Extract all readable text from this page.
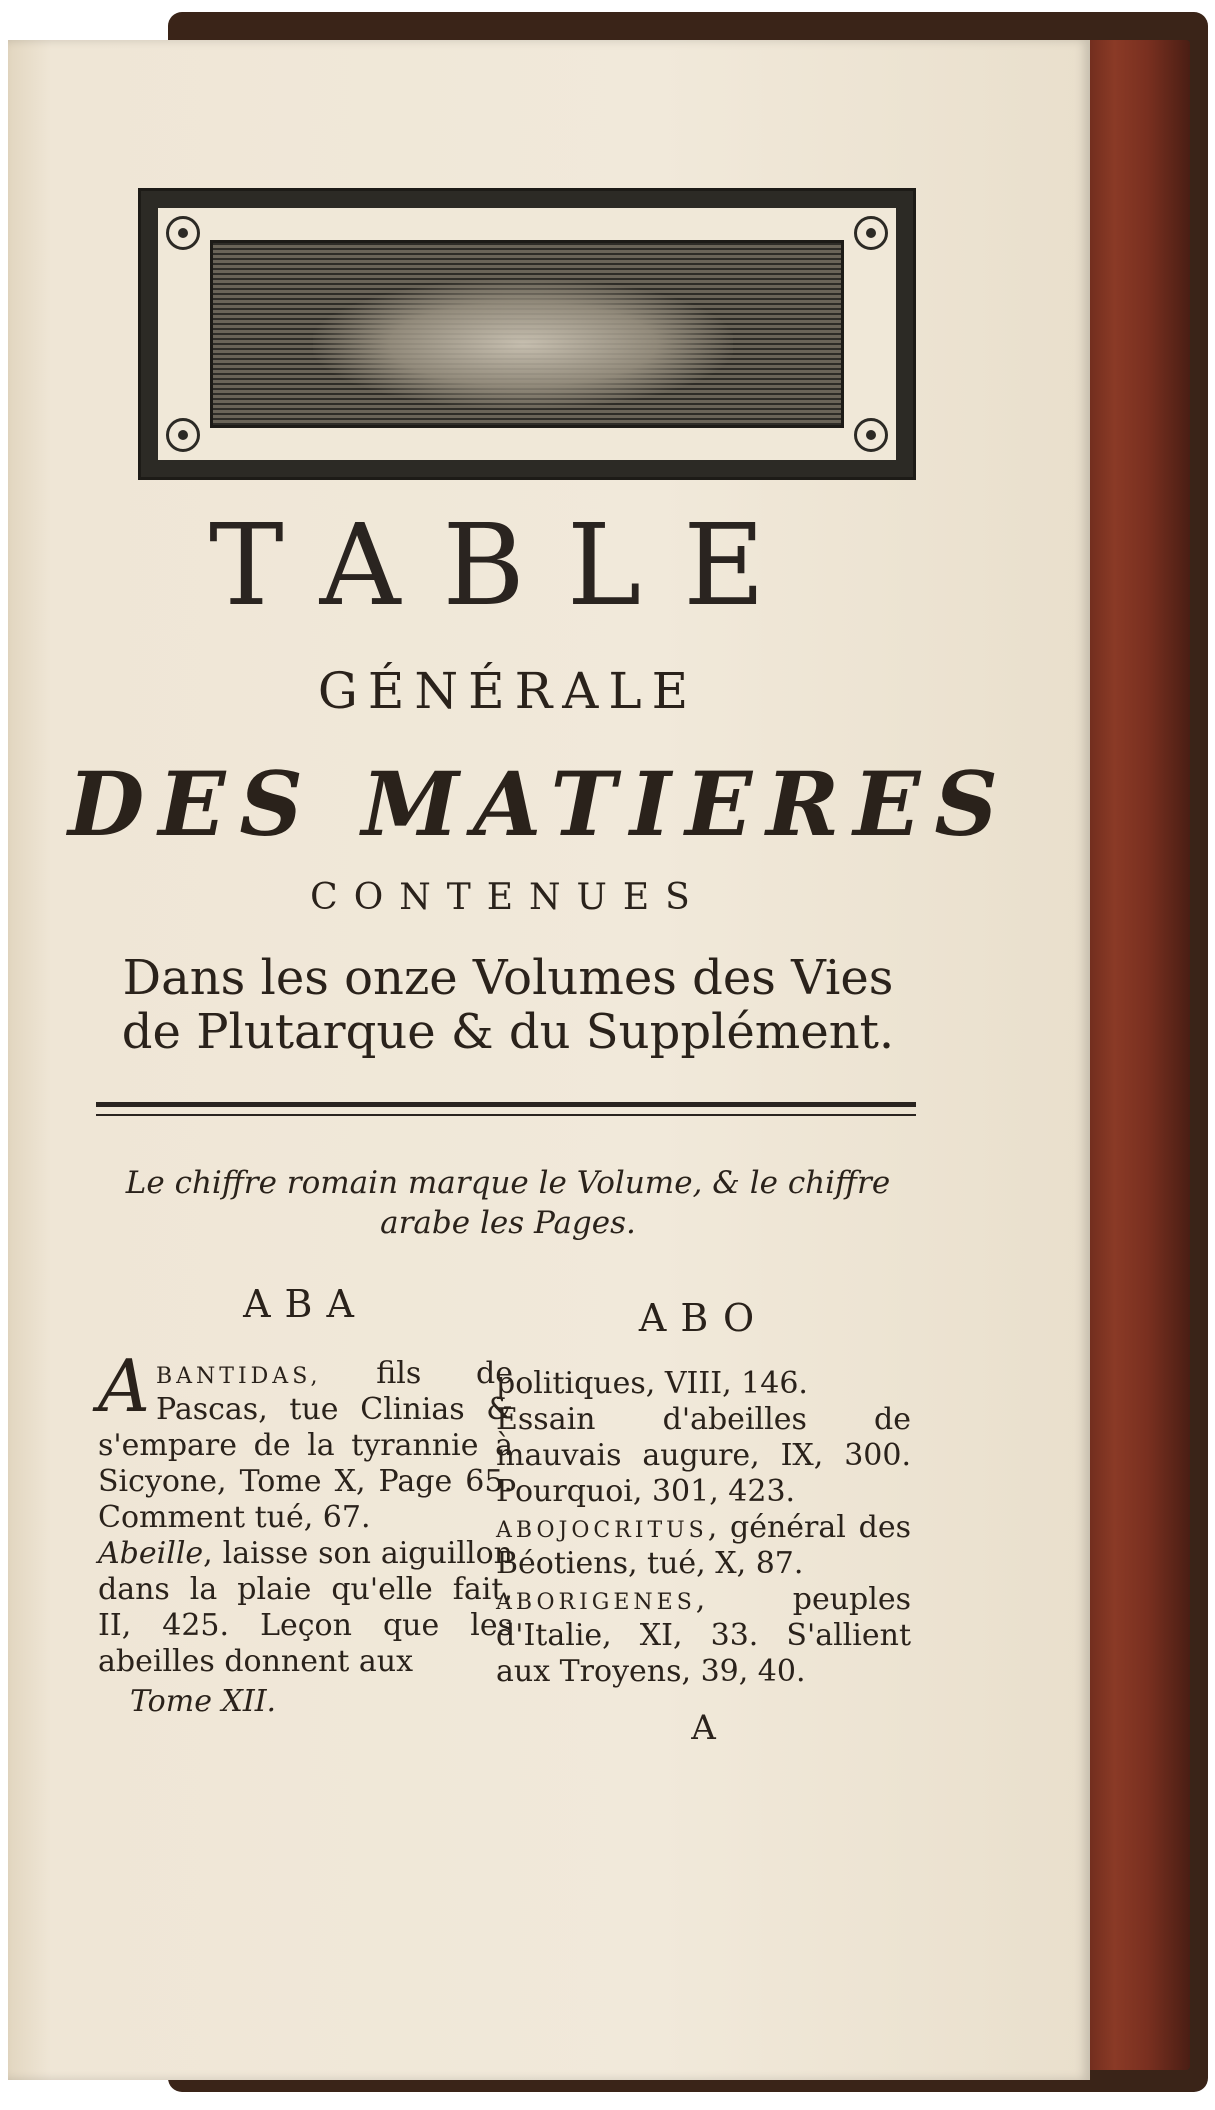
TABLE
GÉNÉRALE
DES MATIERES
CONTENUES
Dans les onze Volumes des Vies
de Plutarque & du Supplément.
Le chiffre romain marque le Volume, & le chiffre
arabe les Pages.
ABA

ABANTIDAS, fils de Pascas, tue Clinias & s'empare de la tyrannie à Sicyone, Tome X, Page 65. Comment tué, 67.

Abeille, laisse son aiguillon dans la plaie qu'elle fait, II, 425. Leçon que les abeilles donnent aux

Tome XII.
ABO

politiques, VIII, 146.

Essain d'abeilles de mauvais augure, IX, 300. Pourquoi, 301, 423.

ABOJOCRITUS, général des Béotiens, tué, X, 87.

ABORIGENES, peuples d'Italie, XI, 33. S'allient aux Troyens, 39, 40.

A
